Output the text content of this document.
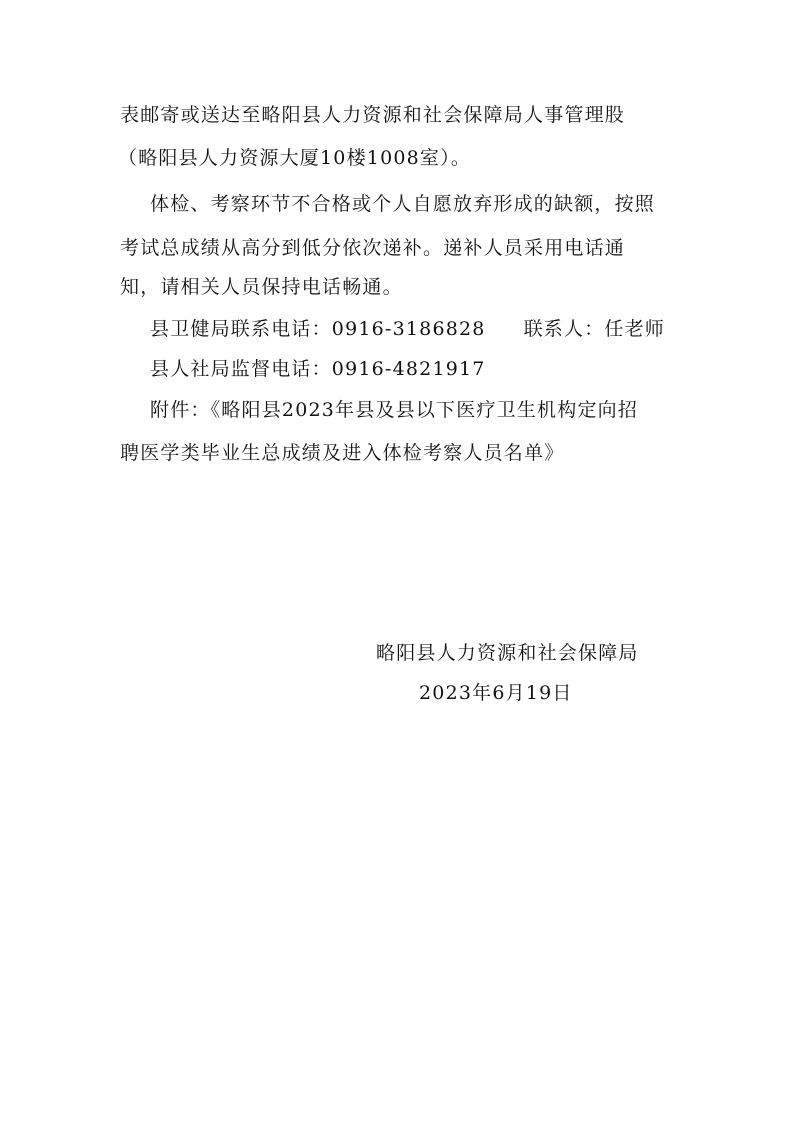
表邮寄或送达至略阳县人力资源和社会保障局人事管理股
（略阳县人力资源大厦10楼1008室）。
体检、考察环节不合格或个人自愿放弃形成的缺额，按照
考试总成绩从高分到低分依次递补。递补人员采用电话通
知，请相关人员保持电话畅通。
县卫健局联系电话：0916-3186828 联系人：任老师
县人社局监督电话：0916-4821917
附件：《略阳县2023年县及县以下医疗卫生机构定向招
聘医学类毕业生总成绩及进入体检考察人员名单》
略阳县人力资源和社会保障局
2023年6月19日
